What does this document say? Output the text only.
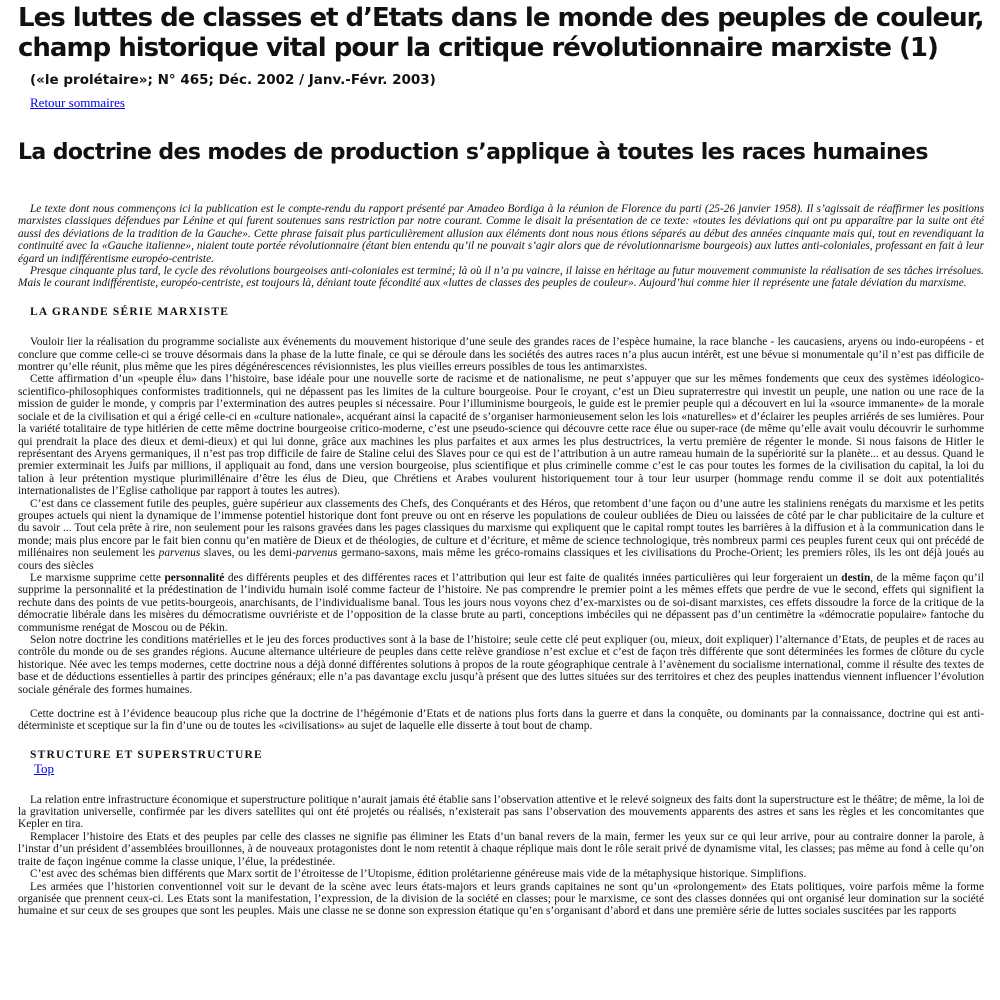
Les luttes de classes et d’Etats dans le monde des peuples de couleur, champ historique vital pour la critique révolutionnaire marxiste (1)
(«le prolétaire»; N° 465; Déc. 2002 / Janv.-Févr. 2003)
Retour sommaires
La doctrine des modes de production s’applique à toutes les races humaines

Le texte dont nous commençons ici la publication est le compte-rendu du rapport présenté par Amadeo Bordiga à la réunion de Florence du parti (25-26 janvier 1958). Il s’agissait de réaffirmer les positions marxistes classiques défendues par Lénine et qui furent soutenues sans restriction par notre courant. Comme le disait la présentation de ce texte: «toutes les déviations qui ont pu apparaître par la suite ont été aussi des déviations de la tradition de la Gauche». Cette phrase faisait plus particulièrement allusion aux éléments dont nous nous étions séparés au début des années cinquante mais qui, tout en revendiquant la continuité avec la «Gauche italienne», niaient toute portée révolutionnaire (étant bien entendu qu’il ne pouvait s’agir alors que de révolutionnarisme bourgeois) aux luttes anti-coloniales, professant en fait à leur égard un indifférentisme européo-centriste.

Presque cinquante plus tard, le cycle des révolutions bourgeoises anti-coloniales est terminé; là où il n’a pu vaincre, il laisse en héritage au futur mouvement communiste la réalisation de ses tâches irrésolues. Mais le courant indifférentiste, européo-centriste, est toujours là, déniant toute fécondité aux «luttes de classes des peuples de couleur». Aujourd’hui comme hier il représente une fatale déviation du marxisme.

LA GRANDE SÉRIE MARXISTE

Vouloir lier la réalisation du programme socialiste aux événements du mouvement historique d’une seule des grandes races de l’espèce humaine, la race blanche - les caucasiens, aryens ou indo-européens - et conclure que comme celle-ci se trouve désormais dans la phase de la lutte finale, ce qui se déroule dans les sociétés des autres races n’a plus aucun intérêt, est une bévue si monumentale qu’il n’est pas difficile de montrer qu’elle réunit, plus même que les pires dégénérescences révisionnistes, les plus vieilles erreurs possibles de tous les antimarxistes.

Cette affirmation d’un «peuple élu» dans l’histoire, base idéale pour une nouvelle sorte de racisme et de nationalisme, ne peut s’appuyer que sur les mêmes fondements que ceux des systèmes idéologico-scientifico-philosophiques conformistes traditionnels, qui ne dépassent pas les limites de la culture bourgeoise. Pour le croyant, c’est un Dieu supraterrestre qui investit un peuple, une nation ou une race de la mission de guider le monde, y compris par l’extermination des autres peuples si nécessaire. Pour l’illuminisme bourgeois, le guide est le premier peuple qui a découvert en lui la «source immanente» de la morale sociale et de la civilisation et qui a érigé celle-ci en «culture nationale», acquérant ainsi la capacité de s’organiser harmonieusement selon les lois «naturelles» et d’éclairer les peuples arriérés de ses lumières. Pour la variété totalitaire de type hitlérien de cette même doctrine bourgeoise critico-moderne, c’est une pseudo-science qui découvre cette race élue ou super-race (de même qu’elle avait voulu découvrir le surhomme qui prendrait la place des dieux et demi-dieux) et qui lui donne, grâce aux machines les plus parfaites et aux armes les plus destructrices, la vertu première de régenter le monde. Si nous faisons de Hitler le représentant des Aryens germaniques, il n’est pas trop difficile de faire de Staline celui des Slaves pour ce qui est de l’attribution à un autre rameau humain de la supériorité sur la planète... et au dessus. Quand le premier exterminait les Juifs par millions, il appliquait au fond, dans une version bourgeoise, plus scientifique et plus criminelle comme c’est le cas pour toutes les formes de la civilisation du capital, la loi du talion à leur prétention mystique plurimillénaire d’être les élus de Dieu, que Chrétiens et Arabes voulurent historiquement tour à tour leur usurper (hommage rendu comme il se doit aux potentialités internationalistes de l’Eglise catholique par rapport à toutes les autres).

C’est dans ce classement futile des peuples, guère supérieur aux classements des Chefs, des Conquérants et des Héros, que retombent d’une façon ou d’une autre les staliniens renégats du marxisme et les petits groupes actuels qui nient la dynamique de l’immense potentiel historique dont font preuve ou ont en réserve les populations de couleur oubliées de Dieu ou laissées de côté par le char publicitaire de la culture et du savoir ... Tout cela prête à rire, non seulement pour les raisons gravées dans les pages classiques du marxisme qui expliquent que le capital rompt toutes les barrières à la diffusion et à la communication dans le monde; mais plus encore par le fait bien connu qu’en matière de Dieux et de théologies, de culture et d’écriture, et même de science technologique, très nombreux parmi ces peuples furent ceux qui ont précédé de millénaires non seulement les parvenus slaves, ou les demi-parvenus germano-saxons, mais même les gréco-romains classiques et les civilisations du Proche-Orient; les premiers rôles, ils les ont déjà joués au cours des siècles

Le marxisme supprime cette personnalité des différents peuples et des différentes races et l’attribution qui leur est faite de qualités innées particulières qui leur forgeraient un destin, de la même façon qu’il supprime la personnalité et la prédestination de l’individu humain isolé comme facteur de l’histoire. Ne pas comprendre le premier point a les mêmes effets que perdre de vue le second, effets qui signifient la rechute dans des points de vue petits-bourgeois, anarchisants, de l’individualisme banal. Tous les jours nous voyons chez d’ex-marxistes ou de soi-disant marxistes, ces effets dissoudre la force de la critique de la démocratie libérale dans les misères du démocratisme ouvriériste et de l’opposition de la classe brute au parti, conceptions imbéciles qui ne dépassent pas d’un centimètre la «démocratie populaire» fantoche du communisme renégat de Moscou ou de Pékin.

Selon notre doctrine les conditions matérielles et le jeu des forces productives sont à la base de l’histoire; seule cette clé peut expliquer (ou, mieux, doit expliquer) l’alternance d’Etats, de peuples et de races au contrôle du monde ou de ses grandes régions. Aucune alternance ultérieure de peuples dans cette relève grandiose n’est exclue et c’est de façon très différente que sont déterminées les formes de clôture du cycle historique. Née avec les temps modernes, cette doctrine nous a déjà donné différentes solutions à propos de la route géographique centrale à l’avènement du socialisme international, comme il résulte des textes de base et de déductions essentielles à partir des principes généraux; elle n’a pas davantage exclu jusqu’à présent que des luttes situées sur des territoires et chez des peuples inattendus viennent influencer l’évolution sociale générale des formes humaines.

Cette doctrine est à l’évidence beaucoup plus riche que la doctrine de l’hégémonie d’Etats et de nations plus forts dans la guerre et dans la conquête, ou dominants par la connaissance, doctrine qui est anti-déterministe et sceptique sur la fin d’une ou de toutes les «civilisations» au sujet de laquelle elle disserte à tout bout de champ.

STRUCTURE ET SUPERSTRUCTURE
Top

La relation entre infrastructure économique et superstructure politique n’aurait jamais été établie sans l’observation attentive et le relevé soigneux des faits dont la superstructure est le théâtre; de même, la loi de la gravitation universelle, confirmée par les divers satellites qui ont été projetés ou réalisés, n’existerait pas sans l’observation des mouvements apparents des astres et sans les règles et les concomitantes que Kepler en tira.

Remplacer l’histoire des Etats et des peuples par celle des classes ne signifie pas éliminer les Etats d’un banal revers de la main, fermer les yeux sur ce qui leur arrive, pour au contraire donner la parole, à l’instar d’un président d’assemblées brouillonnes, à de nouveaux protagonistes dont le nom retentit à chaque réplique mais dont le rôle serait privé de dynamisme vital, les classes; pas même au fond à celle qu’on traite de façon ingénue comme la classe unique, l’élue, la prédestinée.

C’est avec des schémas bien différents que Marx sortit de l’étroitesse de l’Utopisme, édition prolétarienne généreuse mais vide de la métaphysique historique. Simplifions.

Les armées que l’historien conventionnel voit sur le devant de la scène avec leurs états-majors et leurs grands capitaines ne sont qu’un «prolongement» des Etats politiques, voire parfois même la forme organisée que prennent ceux-ci. Les Etats sont la manifestation, l’expression, de la division de la société en classes; pour le marxisme, ce sont des classes données qui ont organisé leur domination sur la société humaine et sur ceux de ses groupes que sont les peuples. Mais une classe ne se donne son expression étatique qu’en s’organisant d’abord et dans une première série de luttes sociales suscitées par les rapports
